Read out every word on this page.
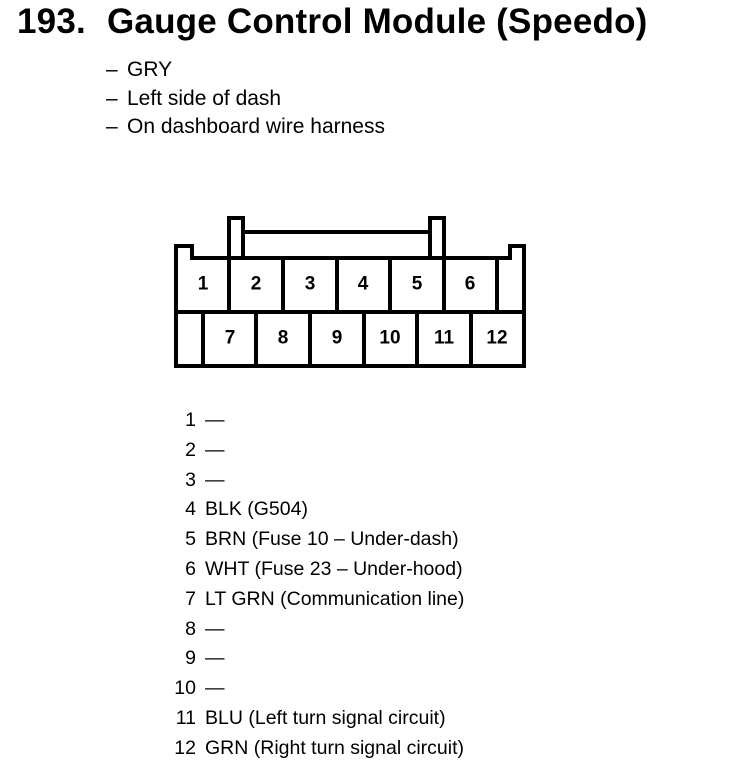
193. Gauge Control Module (Speedo)
– GRY
– Left side of dash
– On dashboard wire harness
1 2 3 4 5 6
7 8 9 10 11 12
1 —
2 —
3 —
4 BLK (G504)
5 BRN (Fuse 10 – Under-dash)
6 WHT (Fuse 23 – Under-hood)
7 LT GRN (Communication line)
8 —
9 —
10 —
11 BLU (Left turn signal circuit)
12 GRN (Right turn signal circuit)
